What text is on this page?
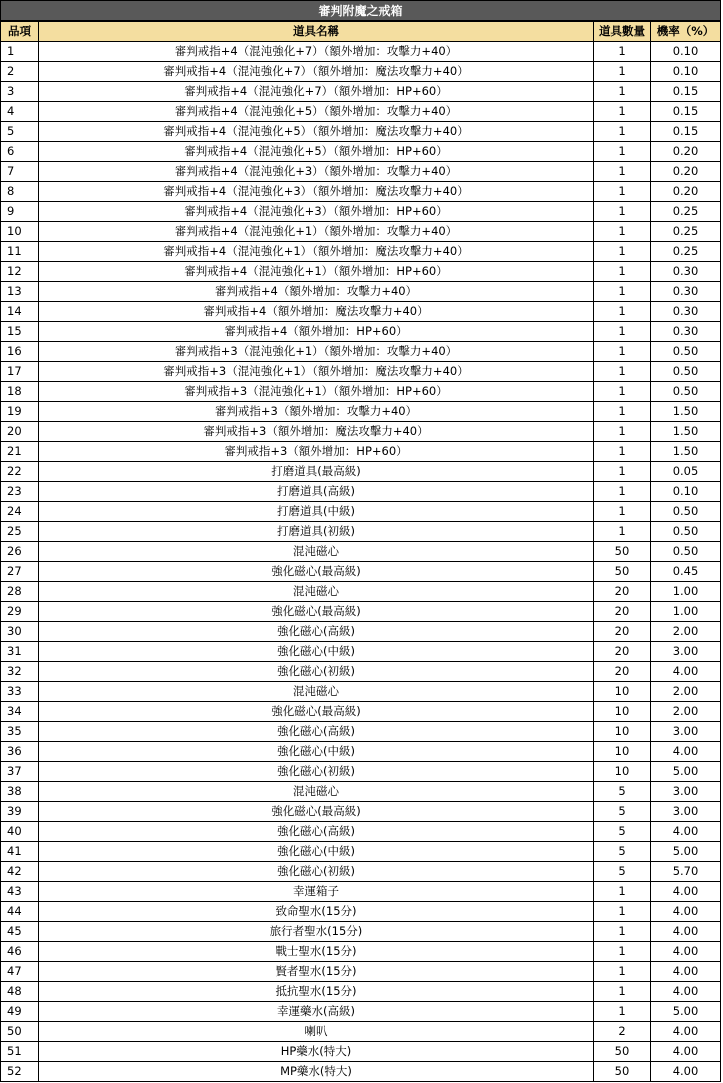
審判附魔之戒箱
品項	道具名稱	道具數量	機率（%）
1	審判戒指+4（混沌強化+7）（額外增加：攻擊力+40）	1	0.10
2	審判戒指+4（混沌強化+7）（額外增加：魔法攻擊力+40）	1	0.10
3	審判戒指+4（混沌強化+7）（額外增加：HP+60）	1	0.15
4	審判戒指+4（混沌強化+5）（額外增加：攻擊力+40）	1	0.15
5	審判戒指+4（混沌強化+5）（額外增加：魔法攻擊力+40）	1	0.15
6	審判戒指+4（混沌強化+5）（額外增加：HP+60）	1	0.20
7	審判戒指+4（混沌強化+3）（額外增加：攻擊力+40）	1	0.20
8	審判戒指+4（混沌強化+3）（額外增加：魔法攻擊力+40）	1	0.20
9	審判戒指+4（混沌強化+3）（額外增加：HP+60）	1	0.25
10	審判戒指+4（混沌強化+1）（額外增加：攻擊力+40）	1	0.25
11	審判戒指+4（混沌強化+1）（額外增加：魔法攻擊力+40）	1	0.25
12	審判戒指+4（混沌強化+1）（額外增加：HP+60）	1	0.30
13	審判戒指+4（額外增加：攻擊力+40）	1	0.30
14	審判戒指+4（額外增加：魔法攻擊力+40）	1	0.30
15	審判戒指+4（額外增加：HP+60）	1	0.30
16	審判戒指+3（混沌強化+1）（額外增加：攻擊力+40）	1	0.50
17	審判戒指+3（混沌強化+1）（額外增加：魔法攻擊力+40）	1	0.50
18	審判戒指+3（混沌強化+1）（額外增加：HP+60）	1	0.50
19	審判戒指+3（額外增加：攻擊力+40）	1	1.50
20	審判戒指+3（額外增加：魔法攻擊力+40）	1	1.50
21	審判戒指+3（額外增加：HP+60）	1	1.50
22	打磨道具(最高級)	1	0.05
23	打磨道具(高級)	1	0.10
24	打磨道具(中級)	1	0.50
25	打磨道具(初級)	1	0.50
26	混沌磁心	50	0.50
27	強化磁心(最高級)	50	0.45
28	混沌磁心	20	1.00
29	強化磁心(最高級)	20	1.00
30	強化磁心(高級)	20	2.00
31	強化磁心(中級)	20	3.00
32	強化磁心(初級)	20	4.00
33	混沌磁心	10	2.00
34	強化磁心(最高級)	10	2.00
35	強化磁心(高級)	10	3.00
36	強化磁心(中級)	10	4.00
37	強化磁心(初級)	10	5.00
38	混沌磁心	5	3.00
39	強化磁心(最高級)	5	3.00
40	強化磁心(高級)	5	4.00
41	強化磁心(中級)	5	5.00
42	強化磁心(初級)	5	5.70
43	幸運箱子	1	4.00
44	致命聖水(15分)	1	4.00
45	旅行者聖水(15分)	1	4.00
46	戰士聖水(15分)	1	4.00
47	賢者聖水(15分)	1	4.00
48	抵抗聖水(15分)	1	4.00
49	幸運藥水(高級)	1	5.00
50	喇叭	2	4.00
51	HP藥水(特大)	50	4.00
52	MP藥水(特大)	50	4.00
